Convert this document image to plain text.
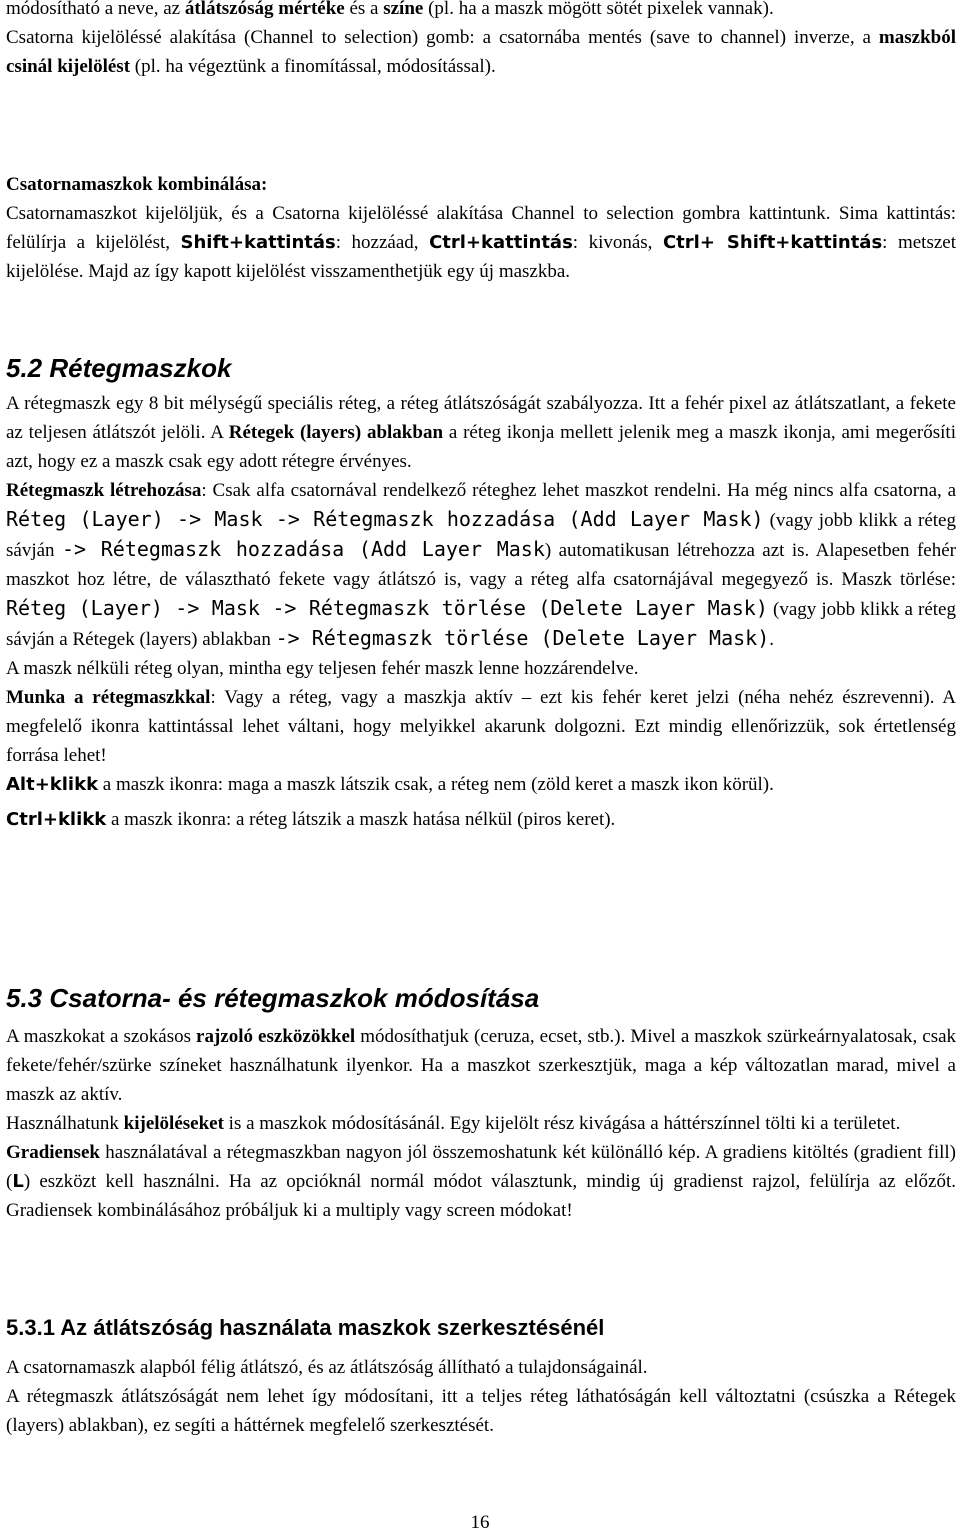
módosítható a neve, az átlátszóság mértéke és a színe (pl. ha a maszk mögött sötét pixelek vannak).

Csatorna kijelöléssé alakítása (Channel to selection) gomb: a csatornába mentés (save to channel) inverze, a maszkból csinál kijelölést (pl. ha végeztünk a finomítással, módosítással).

Csatornamaszkok kombinálása:

Csatornamaszkot kijelöljük, és a Csatorna kijelöléssé alakítása Channel to selection gombra kattintunk. Sima kattintás: felülírja a kijelölést, Shift+kattintás: hozzáad, Ctrl+kattintás: kivonás, Ctrl+ Shift+kattintás: metszet kijelölése. Majd az így kapott kijelölést visszamenthetjük egy új maszkba.

5.2 Rétegmaszkok

A rétegmaszk egy 8 bit mélységű speciális réteg, a réteg átlátszóságát szabályozza. Itt a fehér pixel az átlátszatlant, a fekete az teljesen átlátszót jelöli. A Rétegek (layers) ablakban a réteg ikonja mellett jelenik meg a maszk ikonja, ami megerősíti azt, hogy ez a maszk csak egy adott rétegre érvényes.

Rétegmaszk létrehozása: Csak alfa csatornával rendelkező réteghez lehet maszkot rendelni. Ha még nincs alfa csatorna, a Réteg (Layer) -> Mask -> Rétegmaszk hozzadása (Add Layer Mask) (vagy jobb klikk a réteg sávján -> Rétegmaszk hozzadása (Add Layer Mask) automatikusan létrehozza azt is. Alapesetben fehér maszkot hoz létre, de választható fekete vagy átlátszó is, vagy a réteg alfa csatornájával megegyező is. Maszk törlése: Réteg (Layer) -> Mask -> Rétegmaszk törlése (Delete Layer Mask) (vagy jobb klikk a réteg sávján a Rétegek (layers) ablakban -> Rétegmaszk törlése (Delete Layer Mask).

A maszk nélküli réteg olyan, mintha egy teljesen fehér maszk lenne hozzárendelve.

Munka a rétegmaszkkal: Vagy a réteg, vagy a maszkja aktív – ezt kis fehér keret jelzi (néha nehéz észrevenni). A megfelelő ikonra kattintással lehet váltani, hogy melyikkel akarunk dolgozni. Ezt mindig ellenőrizzük, sok értetlenség forrása lehet!

Alt+klikk a maszk ikonra: maga a maszk látszik csak, a réteg nem (zöld keret a maszk ikon körül).

Ctrl+klikk a maszk ikonra: a réteg látszik a maszk hatása nélkül (piros keret).

5.3 Csatorna- és rétegmaszkok módosítása

A maszkokat a szokásos rajzoló eszközökkel módosíthatjuk (ceruza, ecset, stb.). Mivel a maszkok szürkeárnyalatosak, csak fekete/fehér/szürke színeket használhatunk ilyenkor. Ha a maszkot szerkesztjük, maga a kép változatlan marad, mivel a maszk az aktív.

Használhatunk kijelöléseket is a maszkok módosításánál. Egy kijelölt rész kivágása a háttérszínnel tölti ki a területet.

Gradiensek használatával a rétegmaszkban nagyon jól összemoshatunk két különálló kép. A gradiens kitöltés (gradient fill) (L) eszközt kell használni. Ha az opcióknál normál módot választunk, mindig új gradienst rajzol, felülírja az előzőt. Gradiensek kombinálásához próbáljuk ki a multiply vagy screen módokat!

5.3.1 Az átlátszóság használata maszkok szerkesztésénél

A csatornamaszk alapból félig átlátszó, és az átlátszóság állítható a tulajdonságainál.

A rétegmaszk átlátszóságát nem lehet így módosítani, itt a teljes réteg láthatóságán kell változtatni (csúszka a Rétegek (layers) ablakban), ez segíti a háttérnek megfelelő szerkesztését.

16
